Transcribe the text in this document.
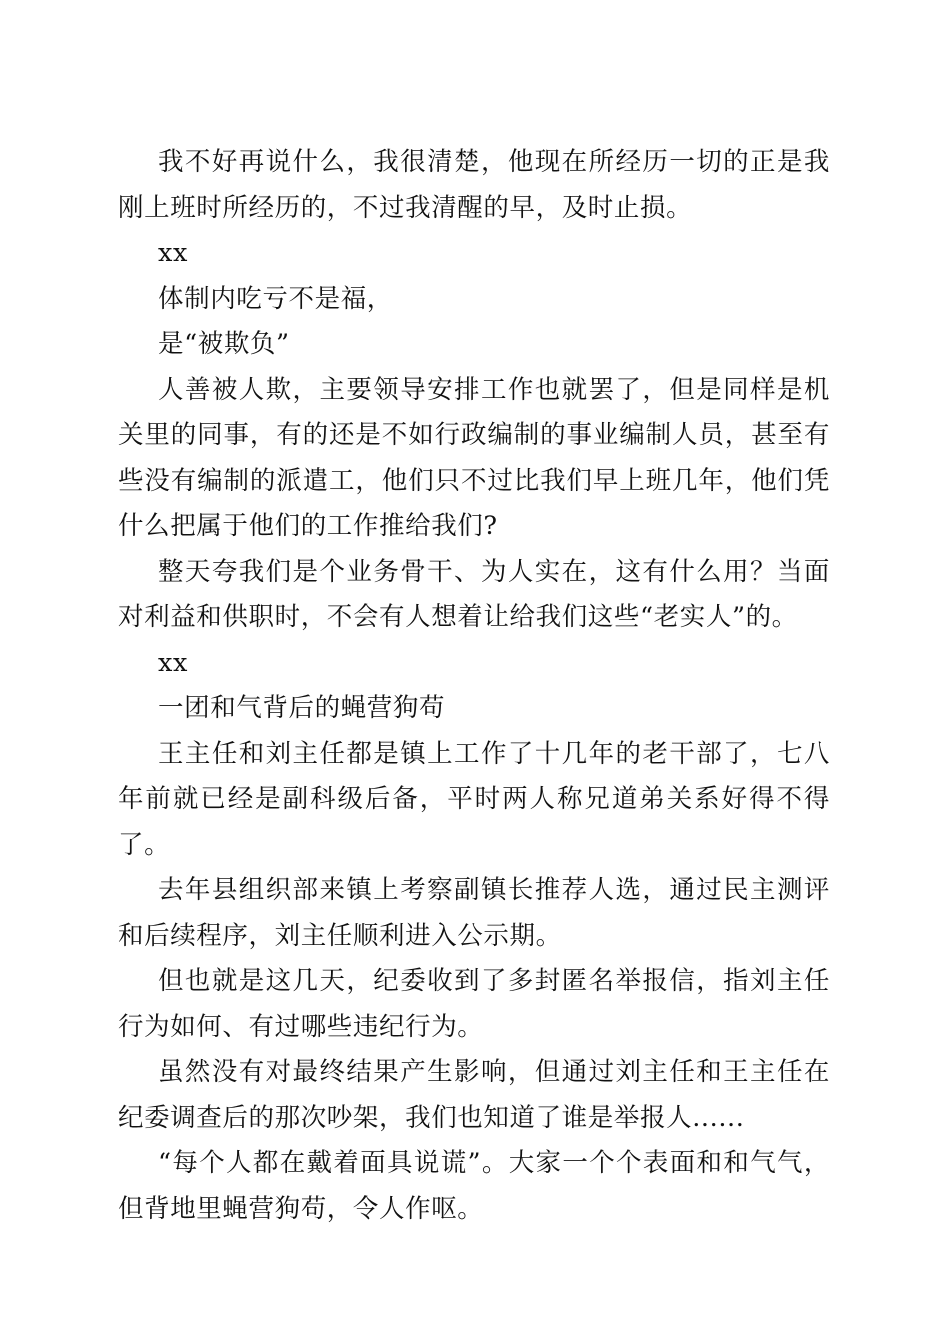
我不好再说什么，我很清楚，他现在所经历一切的正是我刚上班时所经历的，不过我清醒的早，及时止损。

xx

体制内吃亏不是福，

是“被欺负”

人善被人欺，主要领导安排工作也就罢了，但是同样是机关里的同事，有的还是不如行政编制的事业编制人员，甚至有些没有编制的派遣工，他们只不过比我们早上班几年，他们凭什么把属于他们的工作推给我们?

整天夸我们是个业务骨干、为人实在，这有什么用？当面对利益和供职时，不会有人想着让给我们这些“老实人”的。

xx

一团和气背后的蝇营狗苟

王主任和刘主任都是镇上工作了十几年的老干部了，七八年前就已经是副科级后备，平时两人称兄道弟关系好得不得了。

去年县组织部来镇上考察副镇长推荐人选，通过民主测评和后续程序，刘主任顺利进入公示期。

但也就是这几天，纪委收到了多封匿名举报信，指刘主任行为如何、有过哪些违纪行为。

虽然没有对最终结果产生影响，但通过刘主任和王主任在纪委调查后的那次吵架，我们也知道了谁是举报人......

“每个人都在戴着面具说谎”。大家一个个表面和和气气，但背地里蝇营狗苟，令人作呕。
